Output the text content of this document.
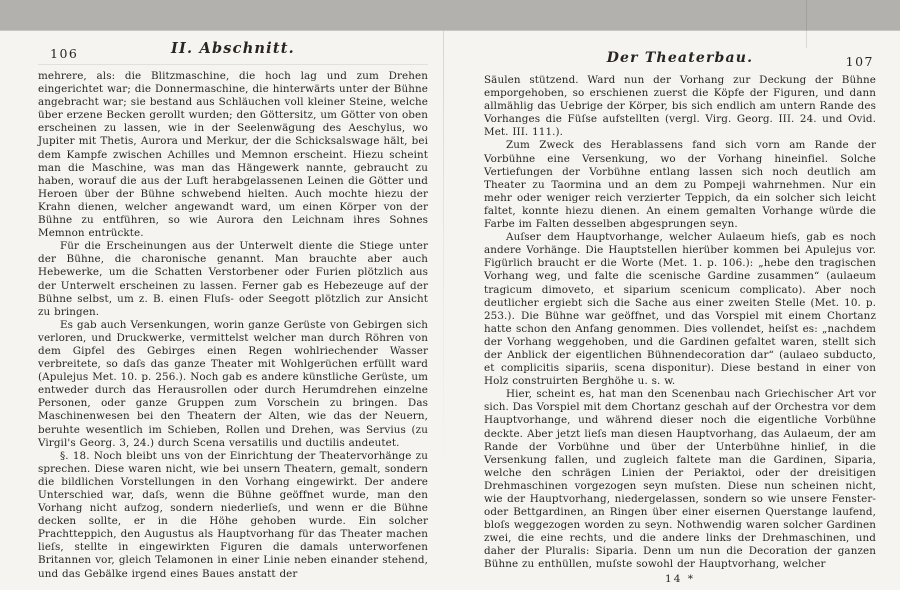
106	II. Abschnitt.

mehrere, als: die Blitzmaschine, die hoch lag und zum Drehen eingerichtet war; die Donnermaschine, die hinterwärts unter der Bühne angebracht war; sie bestand aus Schläuchen voll kleiner Steine, welche über erzene Becken gerollt wurden; den Göttersitz, um Götter von oben erscheinen zu lassen, wie in der Seelenwägung des Aeschylus, wo Jupiter mit Thetis, Aurora und Merkur, der die Schicksalswage hält, bei dem Kampfe zwischen Achilles und Memnon erscheint. Hiezu scheint man die Maschine, was man das Hängewerk nannte, gebraucht zu haben, worauf die aus der Luft herabgelassenen Leinen die Götter und Heroen über der Bühne schwebend hielten. Auch mochte hiezu der Krahn dienen, welcher angewandt ward, um einen Körper von der Bühne zu entführen, so wie Aurora den Leichnam ihres Sohnes Memnon entrückte.

Für die Erscheinungen aus der Unterwelt diente die Stiege unter der Bühne, die charonische genannt. Man brauchte aber auch Hebewerke, um die Schatten Verstorbener oder Furien plötzlich aus der Unterwelt erscheinen zu lassen. Ferner gab es Hebezeuge auf der Bühne selbst, um z. B. einen Fluſs- oder Seegott plötzlich zur Ansicht zu bringen.

Es gab auch Versenkungen, worin ganze Gerüste von Gebirgen sich verloren, und Druckwerke, vermittelst welcher man durch Röhren von dem Gipfel des Gebirges einen Regen wohlriechender Wasser verbreitete, so daſs das ganze Theater mit Wohlgerüchen erfüllt ward (Apulejus Met. 10. p. 256.). Noch gab es andere künstliche Gerüste, um entweder durch das Herausrollen oder durch Herumdrehen einzelne Personen, oder ganze Gruppen zum Vorschein zu bringen. Das Maschinenwesen bei den Theatern der Alten, wie das der Neuern, beruhte wesentlich im Schieben, Rollen und Drehen, was Servius (zu Virgil's Georg. 3, 24.) durch Scena versatilis und ductilis andeutet.

§. 18. Noch bleibt uns von der Einrichtung der Theatervorhänge zu sprechen. Diese waren nicht, wie bei unsern Theatern, gemalt, sondern die bildlichen Vorstellungen in den Vorhang eingewirkt. Der andere Unterschied war, daſs, wenn die Bühne geöffnet wurde, man den Vorhang nicht aufzog, sondern niederlieſs, und wenn er die Bühne decken sollte, er in die Höhe gehoben wurde. Ein solcher Prachtteppich, den Augustus als Hauptvorhang für das Theater machen lieſs, stellte in eingewirkten Figuren die damals unterworfenen Britannen vor, gleich Telamonen in einer Linie neben einander stehend, und das Gebälke irgend eines Baues anstatt der

Der Theaterbau.	107

Säulen stützend. Ward nun der Vorhang zur Deckung der Bühne emporgehoben, so erschienen zuerst die Köpfe der Figuren, und dann allmählig das Uebrige der Körper, bis sich endlich am untern Rande des Vorhanges die Füſse aufstellten (vergl. Virg. Georg. III. 24. und Ovid. Met. III. 111.).

Zum Zweck des Herablassens fand sich vorn am Rande der Vorbühne eine Versenkung, wo der Vorhang hineinfiel. Solche Vertiefungen der Vorbühne entlang lassen sich noch deutlich am Theater zu Taormina und an dem zu Pompeji wahrnehmen. Nur ein mehr oder weniger reich verzierter Teppich, da ein solcher sich leicht faltet, konnte hiezu dienen. An einem gemalten Vorhange würde die Farbe im Falten desselben abgesprungen seyn.

Auſser dem Hauptvorhange, welcher Aulaeum hieſs, gab es noch andere Vorhänge. Die Hauptstellen hierüber kommen bei Apulejus vor. Figürlich braucht er die Worte (Met. 1. p. 106.): „hebe den tragischen Vorhang weg, und falte die scenische Gardine zusammen“ (aulaeum tragicum dimoveto, et siparium scenicum complicato). Aber noch deutlicher ergiebt sich die Sache aus einer zweiten Stelle (Met. 10. p. 253.). Die Bühne war geöffnet, und das Vorspiel mit einem Chortanz hatte schon den Anfang genommen. Dies vollendet, heiſst es: „nachdem der Vorhang weggehoben, und die Gardinen gefaltet waren, stellt sich der Anblick der eigentlichen Bühnendecoration dar“ (aulaeo subducto, et complicitis sipariis, scena disponitur). Diese bestand in einer von Holz construirten Berghöhe u. s. w.

Hier, scheint es, hat man den Scenenbau nach Griechischer Art vor sich. Das Vorspiel mit dem Chortanz geschah auf der Orchestra vor dem Hauptvorhange, und während dieser noch die eigentliche Vorbühne deckte. Aber jetzt lieſs man diesen Hauptvorhang, das Aulaeum, der am Rande der Vorbühne und über der Unterbühne hinlief, in die Versenkung fallen, und zugleich faltete man die Gardinen, Siparia, welche den schrägen Linien der Periaktoi, oder der dreisitigen Drehmaschinen vorgezogen seyn muſsten. Diese nun scheinen nicht, wie der Hauptvorhang, niedergelassen, sondern so wie unsere Fenster- oder Bettgardinen, an Ringen über einer eisernen Querstange laufend, bloſs weggezogen worden zu seyn. Nothwendig waren solcher Gardinen zwei, die eine rechts, und die andere links der Drehmaschinen, und daher der Pluralis: Siparia. Denn um nun die Decoration der ganzen Bühne zu enthüllen, muſste sowohl der Hauptvorhang, welcher

14 *
